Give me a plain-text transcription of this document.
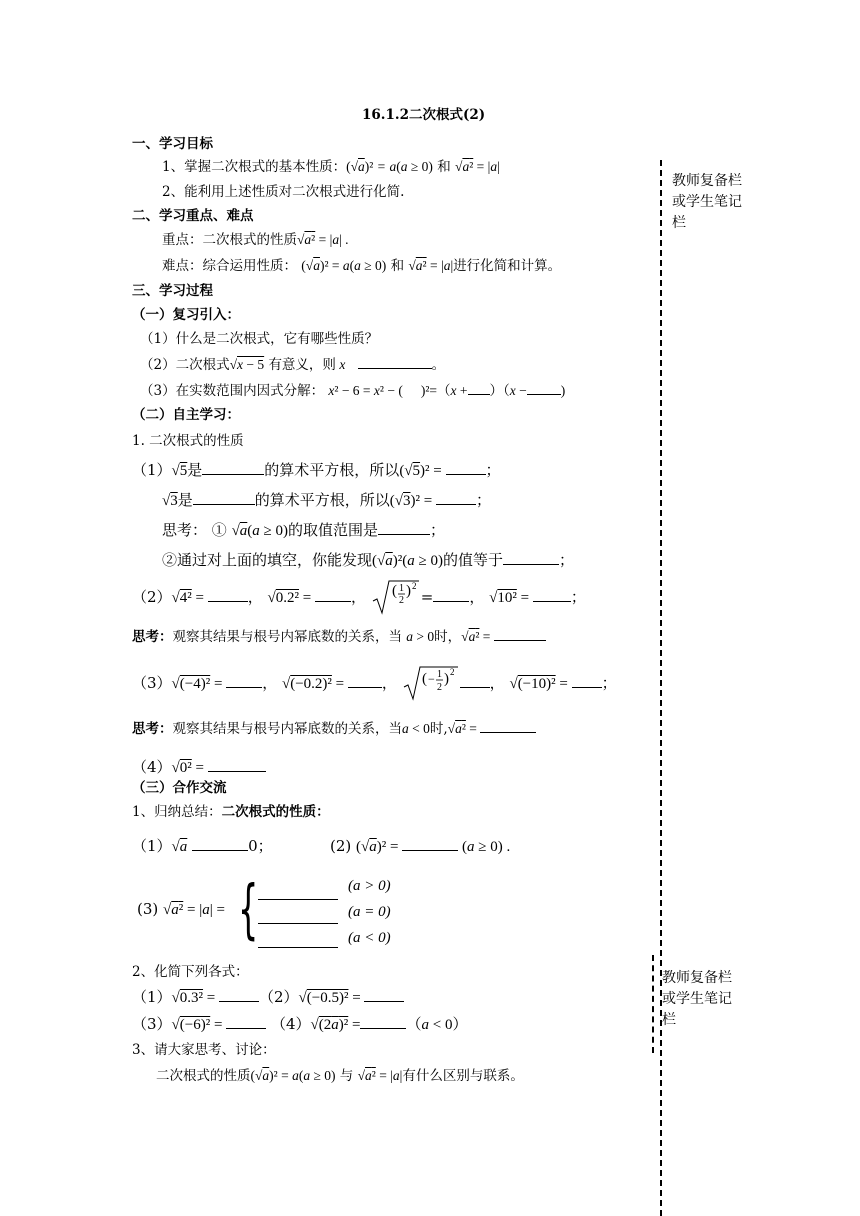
16.1.2二次根式(2)
教师复备栏
或学生笔记
栏
教师复备栏
或学生笔记
栏
一、学习目标
1、掌握二次根式的基本性质：(√a)² = a(a ≥ 0) 和 √a² = |a|
2、能利用上述性质对二次根式进行化简.
二、学习重点、难点
重点：二次根式的性质√a² = |a| .
难点：综合运用性质： (√a)² = a(a ≥ 0) 和 √a² = |a|进行化简和计算。
三、学习过程
（一）复习引入：
（1）什么是二次根式，它有哪些性质？
（2）二次根式√x − 5 有意义，则 x	。
（3）在实数范围内因式分解： x² − 6 = x² − ( )²=（x + ）（x −	)
（二）自主学习：
1. 二次根式的性质
（1）√5是	的算术平方根，所以(√5)² =	；
√3是	的算术平方根，所以(√3)² =	；
思考： ① √a(a ≥ 0)的取值范围是	；
②通过对上面的填空，你能发现(√a)²(a ≥ 0)的值等于	；
（2）√4² =	， √0.2² = ， ( 1
2
) 2
= ， √10² =	；
思考：观察其结果与根号内幂底数的关系，当 a > 0时，√a² =
（3）√(−4)² = ， √(−0.2)² = ， ( − 1
2
) 2
， √(−10)² = ；
思考：观察其结果与根号内幂底数的关系，当a < 0时,√a² =
（4）√0² =
（三）合作交流
1、归纳总结：二次根式的性质：
（1）√a	0；	(2) (√a)² =	(a ≥ 0) .
(3) √a² = |a| = {	(a > 0)
(a = 0)
(a < 0)
2、化简下列各式：
（1）√0.3² =	（2）√(−0.5)² =
（3）√(−6)² =	（4）√(2a)² =	（a < 0）
3、请大家思考、讨论：
二次根式的性质(√a)² = a(a ≥ 0) 与 √a² = |a|有什么区别与联系。
